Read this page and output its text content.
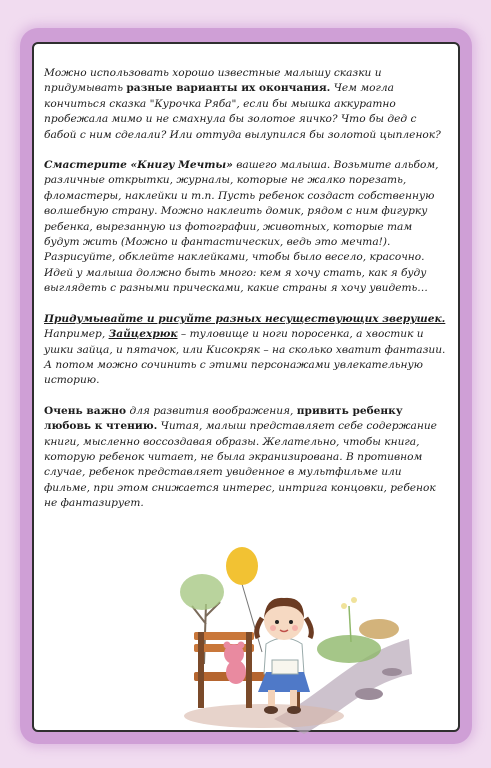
Можно использовать хорошо известные малышу сказки и придумывать разные варианты их окончания. Чем могла кончиться сказка "Курочка Ряба", если бы мышка аккуратно пробежала мимо и не смахнула бы золотое яичко? Что бы дед с бабой с ним сделали? Или оттуда вылупился бы золотой цыпленок?

Смастерите «Книгу Мечты» вашего малыша. Возьмите альбом, различные открытки, журналы, которые не жалко порезать, фломастеры, наклейки и т.п. Пусть ребенок создаст собственную волшебную страну. Можно наклеить домик, рядом с ним фигурку ребенка, вырезанную из фотографии, животных, которые там будут жить (Можно и фантастических, ведь это мечта!). Разрисуйте, обклейте наклейками, чтобы было весело, красочно. Идей у малыша должно быть много: кем я хочу стать, как я буду выглядеть с разными прическами, какие страны я хочу увидеть…

Придумывайте и рисуйте разных несуществующих зверушек. Например, Зайцехрюк – туловище и ноги поросенка, а хвостик и ушки зайца, и пятачок, или Кисокряк – на сколько хватит фантазии. А потом можно сочинить с этими персонажами увлекательную историю.

Очень важно для развития воображения, привить ребенку любовь к чтению. Читая, малыш представляет себе содержание книги, мысленно воссоздавая образы. Желательно, чтобы книга, которую ребенок читает, не была экранизирована. В противном случае, ребенок представляет увиденное в мультфильме или фильме, при этом снижается интерес, интрига концовки, ребенок не фантазирует.
